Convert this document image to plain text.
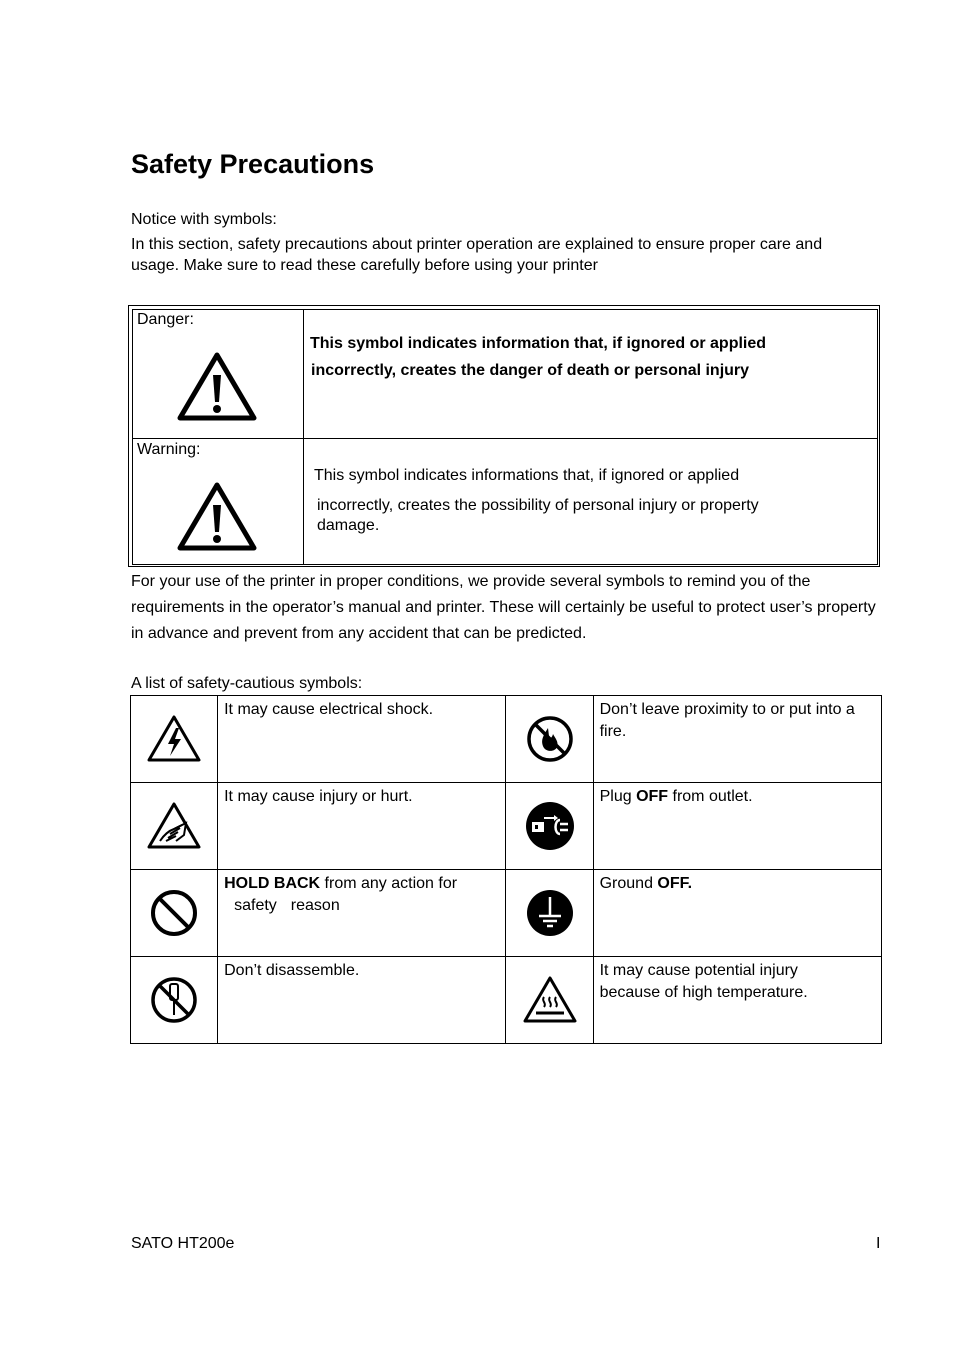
Safety Precautions
Notice with symbols:
In this section, safety precautions about printer operation are explained to ensure proper care and usage. Make sure to read these carefully before using your printer
Danger:
This symbol indicates information that, if ignored or applied
incorrectly, creates the danger of death or personal injury
Warning:
This symbol indicates informations that, if ignored or applied
incorrectly, creates the possibility of personal injury or property
damage.
For your use of the printer in proper conditions, we provide several symbols to remind you of the requirements in the operator’s manual and printer. These will certainly be useful to protect user’s property in advance and prevent from any accident that can be predicted.
A list of safety-cautious symbols:
	It may cause electrical shock.		Don’t leave proximity to or put into a fire.

	It may cause injury or hurt.		Plug OFF from outlet.

	HOLD BACK from any action for
safety reason		Ground OFF.

	Don’t disassemble.		It may cause potential injury
because of high temperature.
SATO HT200e	I
